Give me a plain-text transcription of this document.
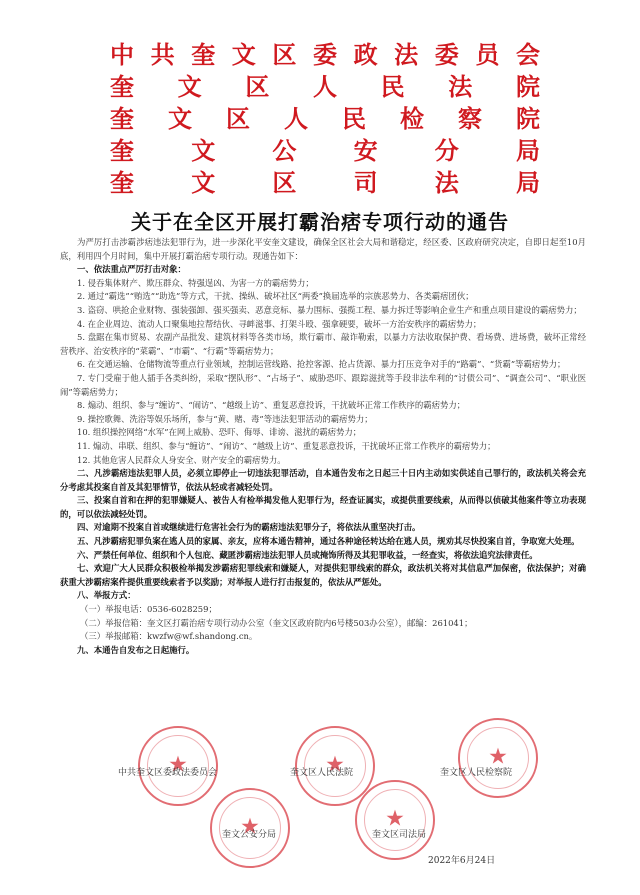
中 共 奎 文 区 委 政 法 委 员 会
奎 文 区 人 民 法 院
奎 文 区 人 民 检 察 院
奎 文 公 安 分 局
奎 文 区 司 法 局
关于在全区开展打霸治痞专项行动的通告

为严厉打击涉霸涉痞违法犯罪行为，进一步深化平安奎文建设，确保全区社会大局和谐稳定，经区委、区政府研究决定，自即日起至10月底，利用四个月时间，集中开展打霸治痞专项行动。现通告如下：

一、依法重点严厉打击对象：

1. 侵吞集体财产、欺压群众、特强逞凶、为害一方的霸痞势力；

2. 通过“霸选”“贿选”“助选”等方式，干扰、操纵、破坏社区“两委”换届选举的宗族恶势力、各类霸痞团伙；

3. 盗窃、哄抢企业财物、强装强卸、强买强卖、恶意竞标、暴力围标、强揽工程、暴力拆迁等影响企业生产和重点项目建设的霸痞势力；

4. 在企业周边、流动人口聚集地拉帮结伙、寻衅滋事、打架斗殴、强拿硬要，破坏一方治安秩序的霸痞势力；

5. 盘踞在集市贸易、农副产品批发、建筑材料等各类市场，欺行霸市、敲诈勒索，以暴力方法收取保护费、看场费、进场费，破坏正常经营秩序、治安秩序的“菜霸”、“市霸”、“行霸”等霸痞势力；

6. 在交通运输、仓储物流等重点行业领域，控制运营线路、抢控客源、抢占货源、暴力打压竞争对手的“路霸”、“货霸”等霸痞势力；

7. 专门受雇于他人插手各类纠纷，采取“摆队形”、“占场子”、威胁恐吓、跟踪滋扰等手段非法牟利的“讨债公司”、“调查公司”、“职业医闹”等霸痞势力；

8. 煽动、组织、参与“缠访”、“闹访”、“越级上访”、重复恶意投诉，干扰破坏正常工作秩序的霸痞势力；

9. 操控歌舞、洗浴等娱乐场所，参与“黄、赌、毒”等违法犯罪活动的霸痞势力；

10. 组织操控网络“水军”在网上威胁、恐吓、侮辱、诽谤、滋扰的霸痞势力；

11. 煽动、串联、组织、参与“缠访”、“闹访”、“越级上访”、重复恶意投诉，干扰破坏正常工作秩序的霸痞势力；

12. 其他危害人民群众人身安全、财产安全的霸痞势力。

二、凡涉霸痞违法犯罪人员，必须立即停止一切违法犯罪活动，自本通告发布之日起三十日内主动如实供述自己罪行的，政法机关将会充分考虑其投案自首及其犯罪情节，依法从轻或者减轻处罚。

三、投案自首和在押的犯罪嫌疑人、被告人有检举揭发他人犯罪行为，经查证属实，或提供重要线索，从而得以侦破其他案件等立功表现的，可以依法减轻处罚。

四、对逾期不投案自首或继续进行危害社会行为的霸痞违法犯罪分子，将依法从重坚决打击。

五、凡涉霸痞犯罪负案在逃人员的家属、亲友，应将本通告精神，通过各种途径转达给在逃人员，规劝其尽快投案自首，争取宽大处理。

六、严禁任何单位、组织和个人包庇、藏匿涉霸痞违法犯罪人员或掩饰所得及其犯罪收益，一经查实，将依法追究法律责任。

七、欢迎广大人民群众积极检举揭发涉霸痞犯罪线索和嫌疑人，对提供犯罪线索的群众，政法机关将对其信息严加保密，依法保护；对确获重大涉霸痞案件提供重要线索者予以奖励；对举报人进行打击报复的，依法从严惩处。

八、举报方式：

（一）举报电话：0536-6028259；

（二）举报信箱：奎文区打霸治痞专项行动办公室（奎文区政府院内6号楼503办公室），邮编：261041；

（三）举报邮箱：kwzfw@wf.shandong.cn。

九、本通告自发布之日起施行。

★
★
★
★
★
中共奎文区委政法委员会	奎文区人民法院	奎文区人民检察院
奎文公安分局	奎文区司法局
2022年6月24日
